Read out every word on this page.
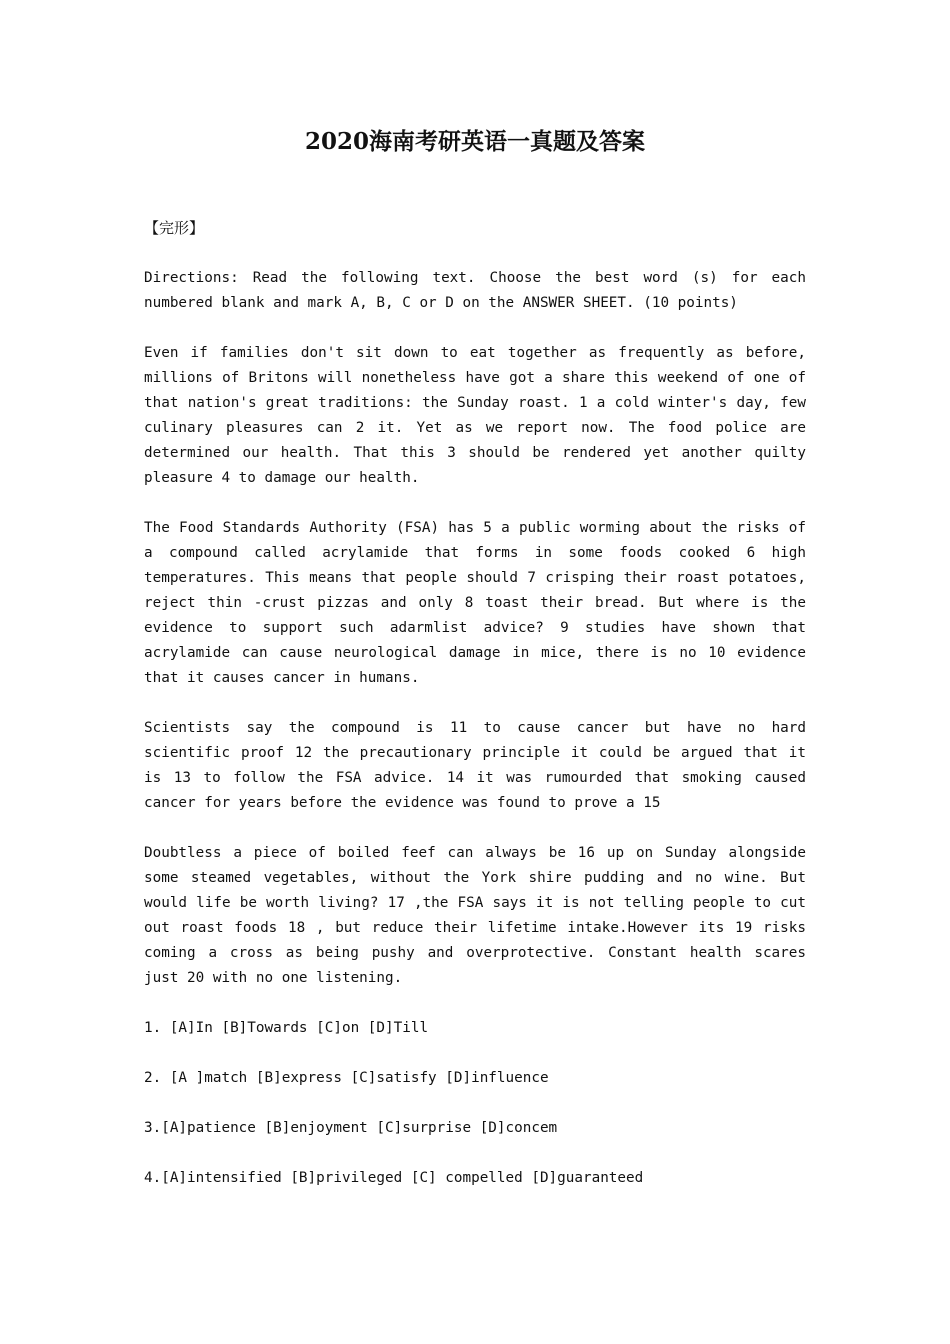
2020海南考研英语一真题及答案

【完形】

Directions: Read the following text. Choose the best word (s) for each numbered blank and mark A, B, C or D on the ANSWER SHEET. (10 points)

Even if families don't sit down to eat together as frequently as before, millions of Britons will nonetheless have got a share this weekend of one of that nation's great traditions: the Sunday roast. 1 a cold winter's day, few culinary pleasures can 2 it. Yet as we report now. The food police are determined our health. That this 3 should be rendered yet another quilty pleasure 4 to damage our health.

The Food Standards Authority (FSA) has 5 a public worming about the risks of a compound called acrylamide that forms in some foods cooked 6 high temperatures. This means that people should 7 crisping their roast potatoes, reject thin -crust pizzas and only 8 toast their bread. But where is the evidence to support such adarmlist advice? 9 studies have shown that acrylamide can cause neurological damage in mice, there is no 10 evidence that it causes cancer in humans.

Scientists say the compound is 11 to cause cancer but have no hard scientific proof 12 the precautionary principle it could be argued that it is 13 to follow the FSA advice. 14 it was rumourded that smoking caused cancer for years before the evidence was found to prove a 15

Doubtless a piece of boiled feef can always be 16 up on Sunday alongside some steamed vegetables, without the York shire pudding and no wine. But would life be worth living? 17 ,the FSA says it is not telling people to cut out roast foods 18 , but reduce their lifetime intake.However its 19 risks coming a cross as being pushy and overprotective. Constant health scares just 20 with no one listening.

1. [A]In [B]Towards [C]on [D]Till

2. [A ]match [B]express [C]satisfy [D]influence

3.[A]patience [B]enjoyment [C]surprise [D]concem

4.[A]intensified [B]privileged [C] compelled [D]guaranteed
